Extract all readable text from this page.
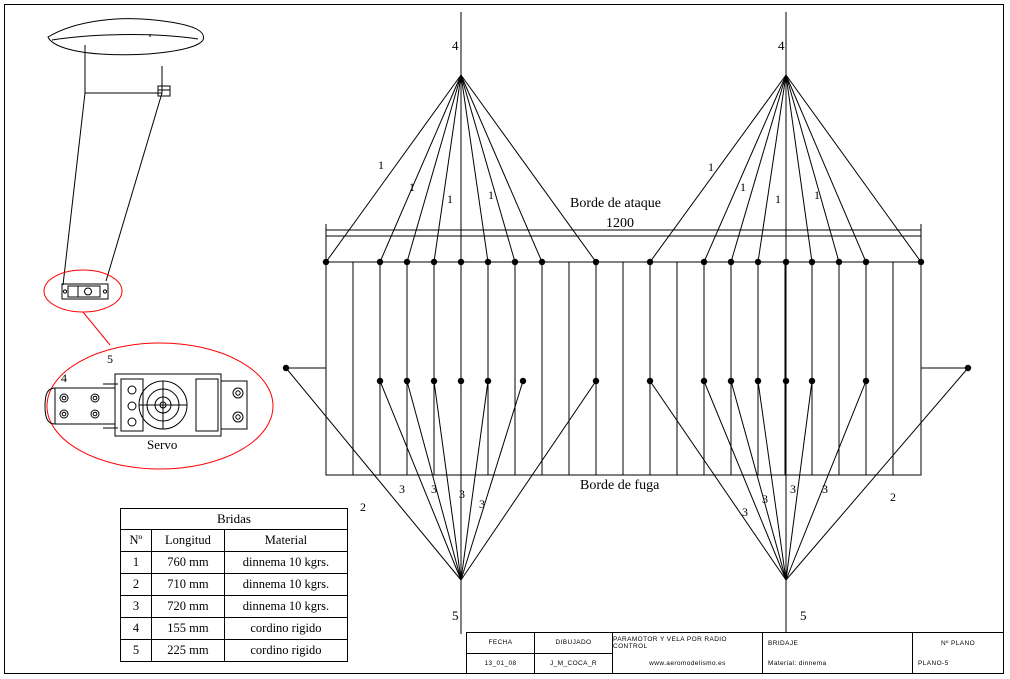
Borde de ataque
1200
Borde de fuga
Servo
4	4
5	5
1
1
1	1
1
1
1	1
2
2
3 3 3
3
3
3
3 3
5
4
Bridas
Nº	Longitud	Material
1	760 mm	dinnema 10 kgrs.
2	710 mm	dinnema 10 kgrs.
3	720 mm	dinnema 10 kgrs.
4	155 mm	cordino rigido
5	225 mm	cordino rigido
FECHA
13_01_08
DIBUJADO
J_M_COCA_R
PARAMOTOR Y VELA POR RADIO CONTROL
www.aeromodelismo.es
BRIDAJE
Material: dinnema
Nº PLANO
PLANO-5
